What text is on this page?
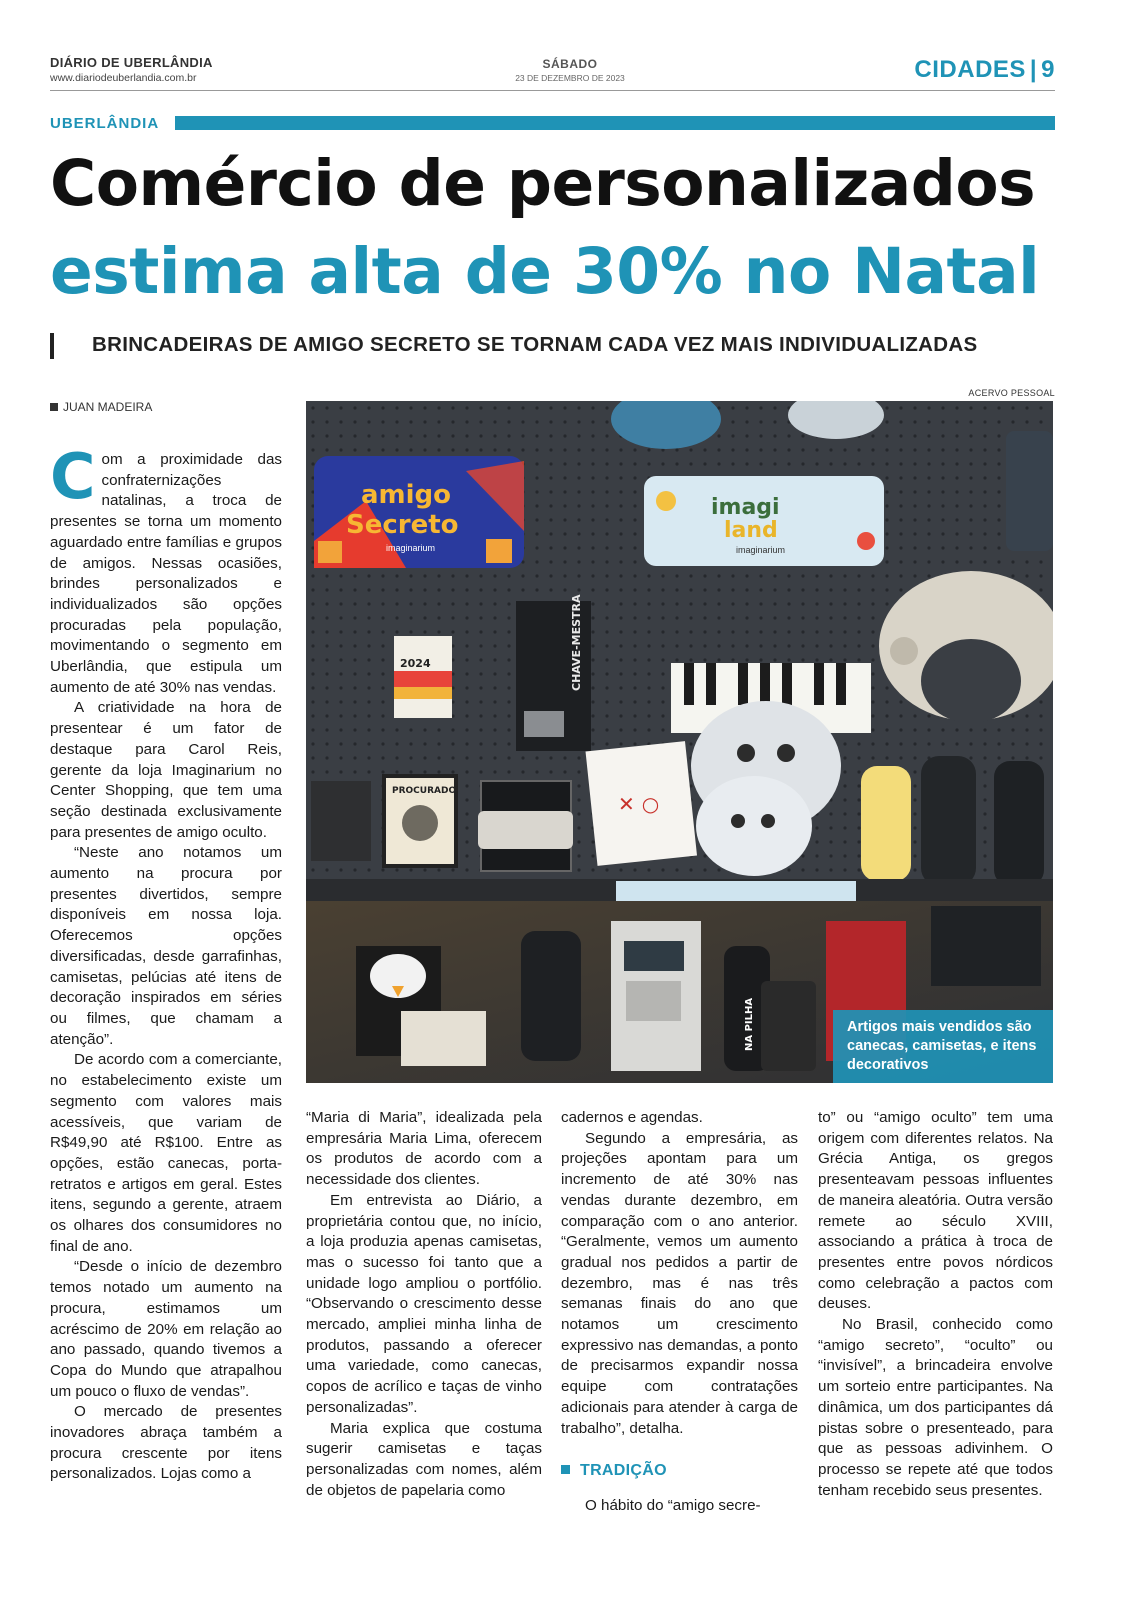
DIÁRIO DE UBERLÂNDIA
www.diariodeuberlandia.com.br
SÁBADO
23 DE DEZEMBRO DE 2023	CIDADES | 9
UBERLÂNDIA
Comércio de personalizados
estima alta de 30% no Natal
BRINCADEIRAS DE AMIGO SECRETO SE TORNAM CADA VEZ MAIS INDIVIDUALIZADAS
JUAN MADEIRA
ACERVO PESSOAL
amigo
Secreto
imaginarium
imagi
land
imaginarium
2024	CHAVE-MESTRA
PROCURADO
✕ ○
NA PILHA	Artigos mais vendidos são canecas, camisetas, e itens decorativos

Com a proximidade das confraternizações natalinas, a troca de presentes se torna um momento aguardado entre famílias e grupos de amigos. Nessas ocasiões, brindes personalizados e individualizados são opções procuradas pela população, movimentando o segmento em Uberlândia, que estipula um aumento de até 30% nas vendas.

A criatividade na hora de presentear é um fator de destaque para Carol Reis, gerente da loja Imaginarium no Center Shopping, que tem uma seção destinada exclusivamente para presentes de amigo oculto.

“Neste ano notamos um aumento na procura por presentes divertidos, sempre disponíveis em nossa loja. Oferecemos opções diversificadas, desde garrafinhas, camisetas, pelúcias até itens de decoração inspirados em séries ou filmes, que chamam a atenção”.

De acordo com a comerciante, no estabelecimento existe um segmento com valores mais acessíveis, que variam de R$49,90 até R$100. Entre as opções, estão canecas, porta-retratos e artigos em geral. Estes itens, segundo a gerente, atraem os olhares dos consumidores no final de ano.

“Desde o início de dezembro temos notado um aumento na procura, estimamos um acréscimo de 20% em relação ao ano passado, quando tivemos a Copa do Mundo que atrapalhou um pouco o fluxo de vendas”.

O mercado de presentes inovadores abraça também a procura crescente por itens personalizados. Lojas como a

“Maria di Maria”, idealizada pela empresária Maria Lima, oferecem os produtos de acordo com a necessidade dos clientes.

Em entrevista ao Diário, a proprietária contou que, no início, a loja produzia apenas camisetas, mas o sucesso foi tanto que a unidade logo ampliou o portfólio. “Observando o crescimento desse mercado, ampliei minha linha de produtos, passando a oferecer uma variedade, como canecas, copos de acrílico e taças de vinho personalizadas”.

Maria explica que costuma sugerir camisetas e taças personalizadas com nomes, além de objetos de papelaria como

cadernos e agendas.

Segundo a empresária, as projeções apontam para um incremento de até 30% nas vendas durante dezembro, em comparação com o ano anterior. “Geralmente, vemos um aumento gradual nos pedidos a partir de dezembro, mas é nas três semanas finais do ano que notamos um crescimento expressivo nas demandas, a ponto de precisarmos expandir nossa equipe com contratações adicionais para atender à carga de trabalho”, detalha.

TRADIÇÃO

O hábito do “amigo secre-

to” ou “amigo oculto” tem uma origem com diferentes relatos. Na Grécia Antiga, os gregos presenteavam pessoas influentes de maneira aleatória. Outra versão remete ao século XVIII, associando a prática à troca de presentes entre povos nórdicos como celebração a pactos com deuses.

No Brasil, conhecido como “amigo secreto”, “oculto” ou “invisível”, a brincadeira envolve um sorteio entre participantes. Na dinâmica, um dos participantes dá pistas sobre o presenteado, para que as pessoas adivinhem. O processo se repete até que todos tenham recebido seus presentes.
